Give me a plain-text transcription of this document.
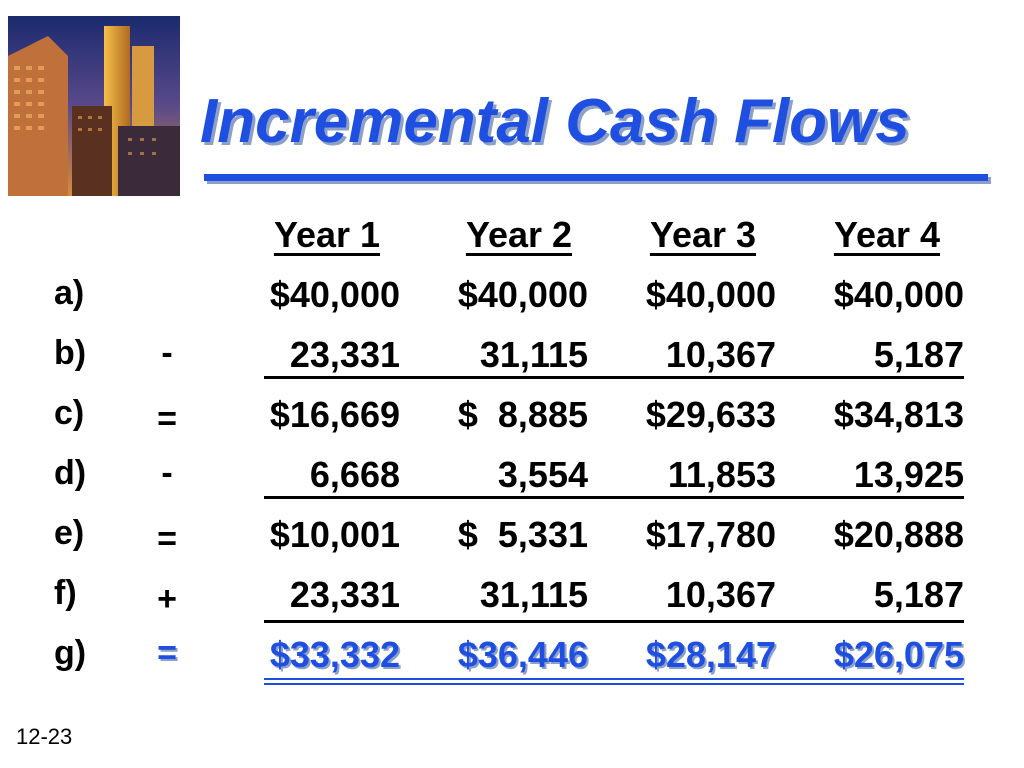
Incremental Cash Flows
Year 1	Year 2	Year 3	Year 4
a)	$40,000	$40,000	$40,000	$40,000
b) -	23,331	31,115	10,367	5,187
c) =	$16,669	$  8,885	$29,633	$34,813
d) -	6,668	3,554	11,853	13,925
e) =	$10,001	$  5,331	$17,780	$20,888
f) +	23,331	31,115	10,367	5,187
g) =	$33,332	$36,446	$28,147	$26,075
12-23
